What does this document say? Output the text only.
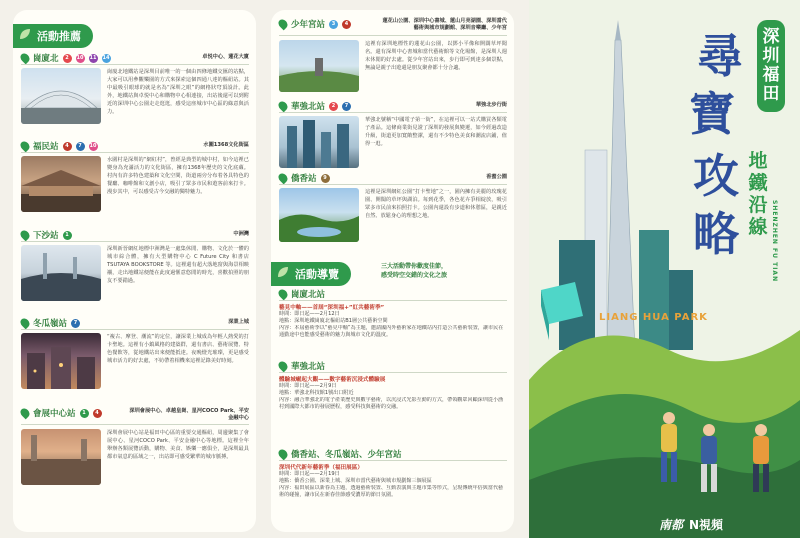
活動推薦
崗廈北	2	10 11 14	卓悦中心、蓮花大廈
崗廈北地鐵站是深圳目前唯一的一個由四條地鐵交匯的站點，大家可以用參觀樂園的方式來探索這個四通八達的樞紐站。其中最吸引眼球的就是名為“深圳之眼”的網格狀穹頂設計。此外，地鐵站與卓悦中心和購物中心相連接，出站後還可以到附近的深圳中心公園走走逛逛，感受這座城市中心區的綠意與活力。
福民站	4	7	10	水圍1368文化街區
水圍村是深圳的“網紅村”，曾經是典型的城中村，如今這裡已變身為充滿活力的文化街區，擁有1368年歷史的文化底蘊。村內有許多特色建築和文化空間，街道兩旁分布着各具特色的餐廳、咖啡館和文創小店，吸引了眾多市民和遊客前來打卡。漫步其中，可以感受古今交融的獨特魅力。
下沙站	1	中洲灣
深圳新晉網紅地標中洲灣是一處集休閒、購物、文化於一體的城市綜合體，擁有大型購物中心 C Future City 和書店 TSUTAYA BOOKSTORE 等。這裡還有超大落地窗與海景相映襯，走出地鐵站便能在此度過愜意悠閒的時光，喜歡拍照的朋友不要錯過。
冬瓜嶺站	7	深業上城
“複古、摩登、潮流”的定位，讓深業上城成為年輕人熱愛的打卡聖地。這裡有小鎮風格的建築群，還有書店、藝術展覽、特色餐飲等，從地鐵站出來便能抵達。夜晚燈光璀璨，更是感受城市活力的好去處，不妨帶着相機來這裡記錄美好時刻。
會展中心站	1	4	深圳會展中心、卓越皇崗、星河COCO Park、平安金融中心
深圳會展中心站是福田中心區的重要交通樞紐，周邊聚集了會展中心、星河COCO Park、平安金融中心等地標。這裡全年舉辦各類展覽活動，購物、美食、娛樂一應俱全，是深圳最具都市氣息的區域之一，出站即可感受繁華的城市脈搏。
少年宮站	3	4	蓮花山公園、深圳中心書城、蓮山月亮湖園、深圳當代藝術與城市規劃館、深圳音樂廳、少年宮
這裡有深圳地標性的蓮花山公園，以鄧小平像和開闊草坪聞名。還有深圳中心書城和當代藝術館等文化場館，是深圳人週末休閒的好去處。從少年宮站出來，步行即可到達多個景點，無論是親子出遊還是朋友聚會都十分合適。
華強北站	2	7	華強北步行街
華強北號稱“中國電子第一街”，在這裡可以一站式購買各類電子產品。這條商業街見證了深圳的發展與變遷，如今經過改造升級，街道更加寬敞整潔，還有不少特色美食和潮流店鋪，值得一逛。
僑香站	9	香蜜公園
這裡是深圳網紅公園“打卡聖地”之一，園內擁有美麗的玫瑰花園、開闊的草坪與湖泊。每到花季，各色花卉爭相綻放，吸引眾多市民前來拍照打卡。公園內還設有步道和休憩區，是親近自然、放鬆身心的理想之地。
活動導覽
三大活動帶你歡度佳節，
感受時空交錯的文化之旅
崗廈北站
藝見中軸——首屆“深圳福+”紅共藝術季”
時間：即日起——2月12日
地點：深圳地鐵崗廈北樞紐站B1層公共藝術空間
內容：本屆藝術季以“藝見中軸”為主題，邀請國內外藝術家在地鐵站內打造公共藝術裝置，讓市民在通勤途中也能感受藝術的魅力與城市文化的溫度。
華強北站
體驗城崛起大觀——數字藝術沉浸式體驗展
時間：即日起——2月9日
地點：華強北科技館1號出口附近
內容：融合華強北的電子產業歷史與數字藝術，以沉浸式光影互動的方式，帶領觀眾回顧深圳從小漁村到國際大都市的發展歷程，感受科技與藝術的交融。
僑香站、冬瓜嶺站、少年宮站
深圳代代新年藝術季（福田展區）
時間：即日起——2月19日
地點：僑香公園、深業上城、深圳市當代藝術與城市規劃館三個展區
內容：福田展區以新春為主題，透過藝術裝置、互動表演與主題市集等形式，呈現傳統年俗與當代藝術的碰撞，讓市民在新春佳節感受濃厚的節日氛圍。
深圳福田
尋
寶
攻
略
地鐵沿線 SHENZHEN FU TIAN
LIANG HUA PARK
南都 N視頻
